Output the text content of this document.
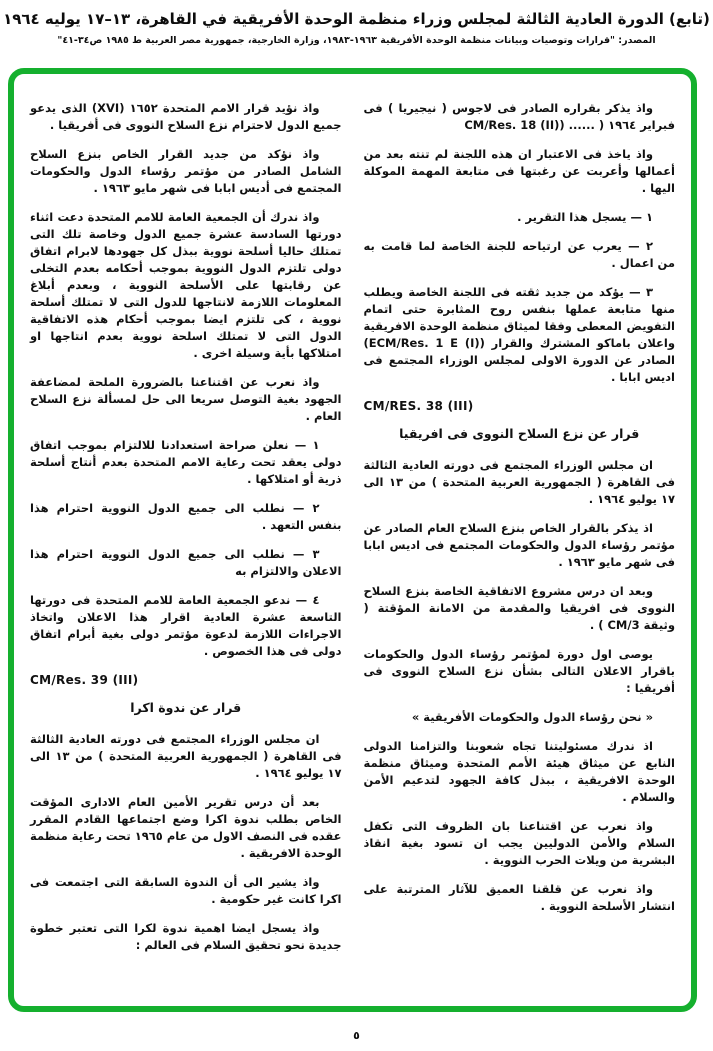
(تابع) الدورة العادية الثالثة لمجلس وزراء منظمة الوحدة الأفريقية في القاهرة، ١٣–١٧ يوليه ١٩٦٤
المصدر: "قرارات وتوصيات وبيانات منظمة الوحدة الأفريقية ١٩٦٣-١٩٨٣، وزارة الخارجية، جمهورية مصر العربية ط ١٩٨٥ ص٣٤-٤١"
واذ يذكر بقراره الصادر فى لاجوس ( نيجيريا ) فى فبراير ١٩٦٤ ( ...... (CM/Res. 18 (II)
واذ ياخذ فى الاعتبار ان هذه اللجنة لم تنته بعد من أعمالها وأعربت عن رغبتها فى متابعة المهمة الموكلة اليها .
١ — يسجل هذا التقرير .
٢ — يعرب عن ارتياحه للجنة الخاصة لما قامت به من اعمال .
٣ — يؤكد من جديد ثقته فى اللجنة الخاصة ويطلب منها متابعة عملها بنفس روح المثابرة حتى اتمام التفويض المعطى وفقا لميثاق منظمة الوحدة الافريقية واعلان باماكو المشترك والقرار (ECM/Res. 1 E (I)) الصادر عن الدورة الاولى لمجلس الوزراء المجتمع فى اديس ابابا .
CM/RES. 38 (III)
قرار عن نزع السلاح النووى فى افريقيا
ان مجلس الوزراء المجتمع فى دورته العادية الثالثة فى القاهرة ( الجمهورية العربية المتحدة ) من ١٣ الى ١٧ يوليو ١٩٦٤ .
اذ يذكر بالقرار الخاص بنزع السلاح العام الصادر عن مؤتمر رؤساء الدول والحكومات المجتمع فى اديس ابابا فى شهر مايو ١٩٦٣ .
وبعد ان درس مشروع الاتفاقية الخاصة بنزع السلاح النووى فى افريقيا والمقدمة من الامانة المؤقتة ( وثيقة CM/3 ) .
يوصى اول دورة لمؤتمر رؤساء الدول والحكومات باقرار الاعلان التالى بشأن نزع السلاح النووى فى أفريقيا :
« نحن رؤساء الدول والحكومات الأفريقية »
اذ ندرك مسئوليتنا تجاه شعوبنا والتزامنا الدولى النابع عن ميثاق هيئة الأمم المتحدة وميثاق منظمة الوحدة الافريقية ، ببذل كافة الجهود لتدعيم الأمن والسلام .
واذ نعرب عن اقتناعنا بان الظروف التى تكفل السلام والأمن الدوليين يجب ان تسود بغية انقاذ البشرية من ويلات الحرب النووية .
واذ نعرب عن قلقنا العميق للآثار المترتبة على انتشار الأسلحة النووية .
واذ نؤيد قرار الامم المتحدة ١٦٥٢ (XVI) الذى يدعو جميع الدول لاحترام نزع السلاح النووى فى أفريقيا .
واذ نؤكد من جديد القرار الخاص بنزع السلاح الشامل الصادر من مؤتمر رؤساء الدول والحكومات المجتمع فى أديس ابابا فى شهر مايو ١٩٦٣ .
واذ ندرك أن الجمعية العامة للامم المتحدة دعت اثناء دورتها السادسة عشرة جميع الدول وخاصة تلك التى تمتلك حاليا أسلحة نووية ببذل كل جهودها لابرام اتفاق دولى تلتزم الدول النووية بموجب أحكامه بعدم التخلى عن رقابتها على الأسلحة النووية ، وبعدم أبلاغ المعلومات اللازمة لانتاجها للدول التى لا تمتلك أسلحة نووية ، كى تلتزم ايضا بموجب أحكام هذه الاتفاقية الدول التى لا تمتلك اسلحة نووية بعدم انتاجها او امتلاكها بأية وسيلة اخرى .
واذ نعرب عن اقتناعنا بالضرورة الملحة لمضاعفة الجهود بغية التوصل سريعا الى حل لمسألة نزع السلاح العام .
١ — نعلن صراحة استعدادنا للالتزام بموجب اتفاق دولى يعقد تحت رعاية الامم المتحدة بعدم أنتاج أسلحة ذرية أو امتلاكها .
٢ — نطلب الى جميع الدول النووية احترام هذا بنفس التعهد .
٣ — نطلب الى جميع الدول النووية احترام هذا الاعلان والالتزام به
٤ — ندعو الجمعية العامة للامم المتحدة فى دورتها التاسعة عشرة العادية اقرار هذا الاعلان واتخاذ الاجراءات اللازمة لدعوة مؤتمر دولى بغية أبرام اتفاق دولى فى هذا الخصوص .
CM/Res. 39 (III)
قرار عن ندوة اكرا
ان مجلس الوزراء المجتمع فى دورته العادية الثالثة فى القاهرة ( الجمهورية العربية المتحدة ) من ١٣ الى ١٧ يوليو ١٩٦٤ .
بعد أن درس تقرير الأمين العام الادارى المؤقت الخاص بطلب ندوة اكرا وضع اجتماعها القادم المقرر عقده فى النصف الاول من عام ١٩٦٥ تحت رعاية منظمة الوحدة الافريقية .
واذ يشير الى أن الندوة السابقة التى اجتمعت فى اكرا كانت غير حكومية .
واذ يسجل ايضا اهمية ندوة لكرا التى تعتبر خطوة جديدة نحو تحقيق السلام فى العالم :
٥
